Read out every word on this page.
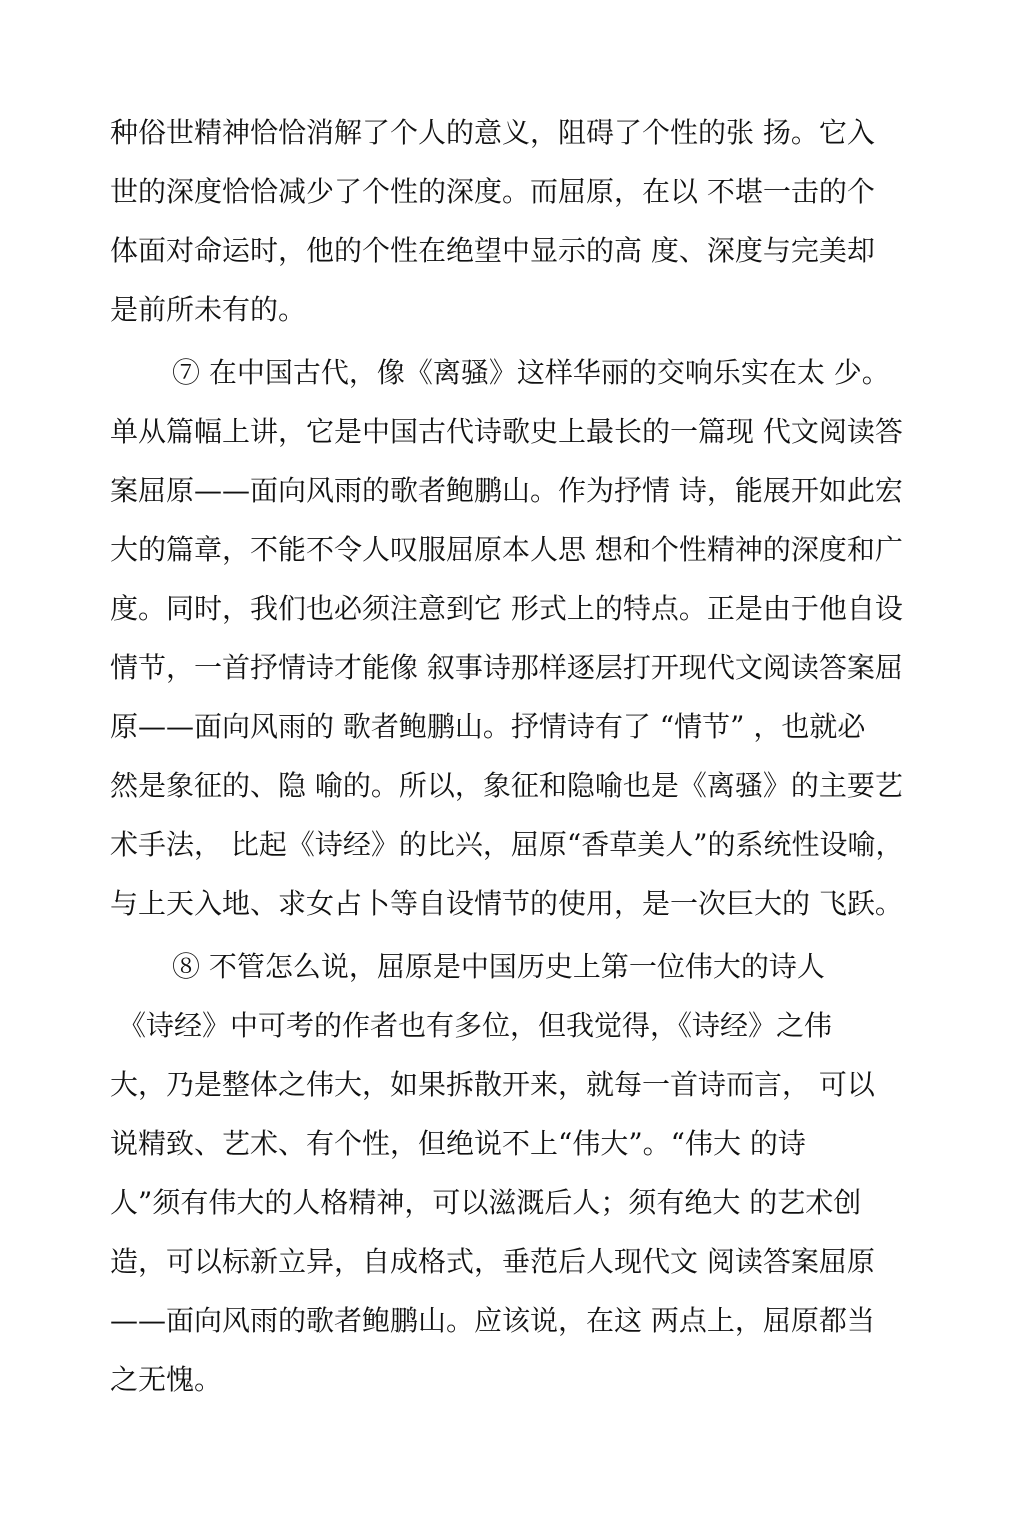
种俗世精神恰恰消解了个人的意义，阻碍了个性的张 扬。它入
世的深度恰恰减少了个性的深度。而屈原，在以 不堪一击的个
体面对命运时，他的个性在绝望中显示的高 度、深度与完美却
是前所未有的。
⑦ 在中国古代，像《离骚》这样华丽的交响乐实在太 少。
单从篇幅上讲，它是中国古代诗歌史上最长的一篇现 代文阅读答
案屈原——面向风雨的歌者鲍鹏山。作为抒情 诗，能展开如此宏
大的篇章，不能不令人叹服屈原本人思 想和个性精神的深度和广
度。同时，我们也必须注意到它 形式上的特点。正是由于他自设
情节，一首抒情诗才能像 叙事诗那样逐层打开现代文阅读答案屈
原——面向风雨的 歌者鲍鹏山。抒情诗有了 “情节” ，也就必
然是象征的、隐 喻的。所以，象征和隐喻也是《离骚》的主要艺
术手法， 比起《诗经》的比兴，屈原“香草美人”的系统性设喻，
与上天入地、求女占卜等自设情节的使用，是一次巨大的 飞跃。
⑧ 不管怎么说，屈原是中国历史上第一位伟大的诗人
《诗经》中可考的作者也有多位，但我觉得，《诗经》之伟
大，乃是整体之伟大，如果拆散开来，就每一首诗而言， 可以
说精致、艺术、有个性，但绝说不上“伟大”。“伟大 的诗
人”须有伟大的人格精神，可以滋溉后人；须有绝大 的艺术创
造，可以标新立异，自成格式，垂范后人现代文 阅读答案屈原
——面向风雨的歌者鲍鹏山。应该说，在这 两点上，屈原都当
之无愧。
